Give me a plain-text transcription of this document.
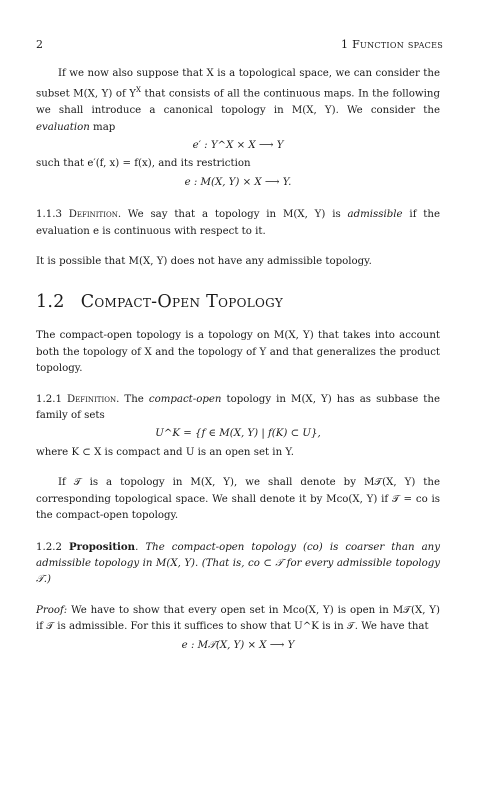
2	1 Function spaces

If we now also suppose that X is a topological space, we can consider the subset M(X, Y) of $Y^X$ that consists of all the continuous maps. In the following we shall introduce a canonical topology in M(X, Y). We consider the evaluation map

e′ : Y^X × X ⟶ Y

such that e′(f, x) = f(x), and its restriction

e : M(X, Y) × X ⟶ Y.

1.1.3 Definition. We say that a topology in M(X, Y) is admissible if the evaluation e is continuous with respect to it.

It is possible that M(X, Y) does not have any admissible topology.

1.2 Compact-Open Topology

The compact-open topology is a topology on M(X, Y) that takes into account both the topology of X and the topology of Y and that generalizes the product topology.

1.2.1 Definition. The compact-open topology in M(X, Y) has as subbase the family of sets

U^K = {f ∈ M(X, Y) | f(K) ⊂ U},

where K ⊂ X is compact and U is an open set in Y.

If 𝒯 is a topology in M(X, Y), we shall denote by M𝒯(X, Y) the corresponding topological space. We shall denote it by Mco(X, Y) if 𝒯 = co is the compact-open topology.

1.2.2 Proposition. The compact-open topology (co) is coarser than any admissible topology in M(X, Y). (That is, co ⊂ 𝒯 for every admissible topology 𝒯.)

Proof: We have to show that every open set in Mco(X, Y) is open in M𝒯(X, Y) if 𝒯 is admissible. For this it suffices to show that U^K is in 𝒯. We have that

e : M𝒯(X, Y) × X ⟶ Y
